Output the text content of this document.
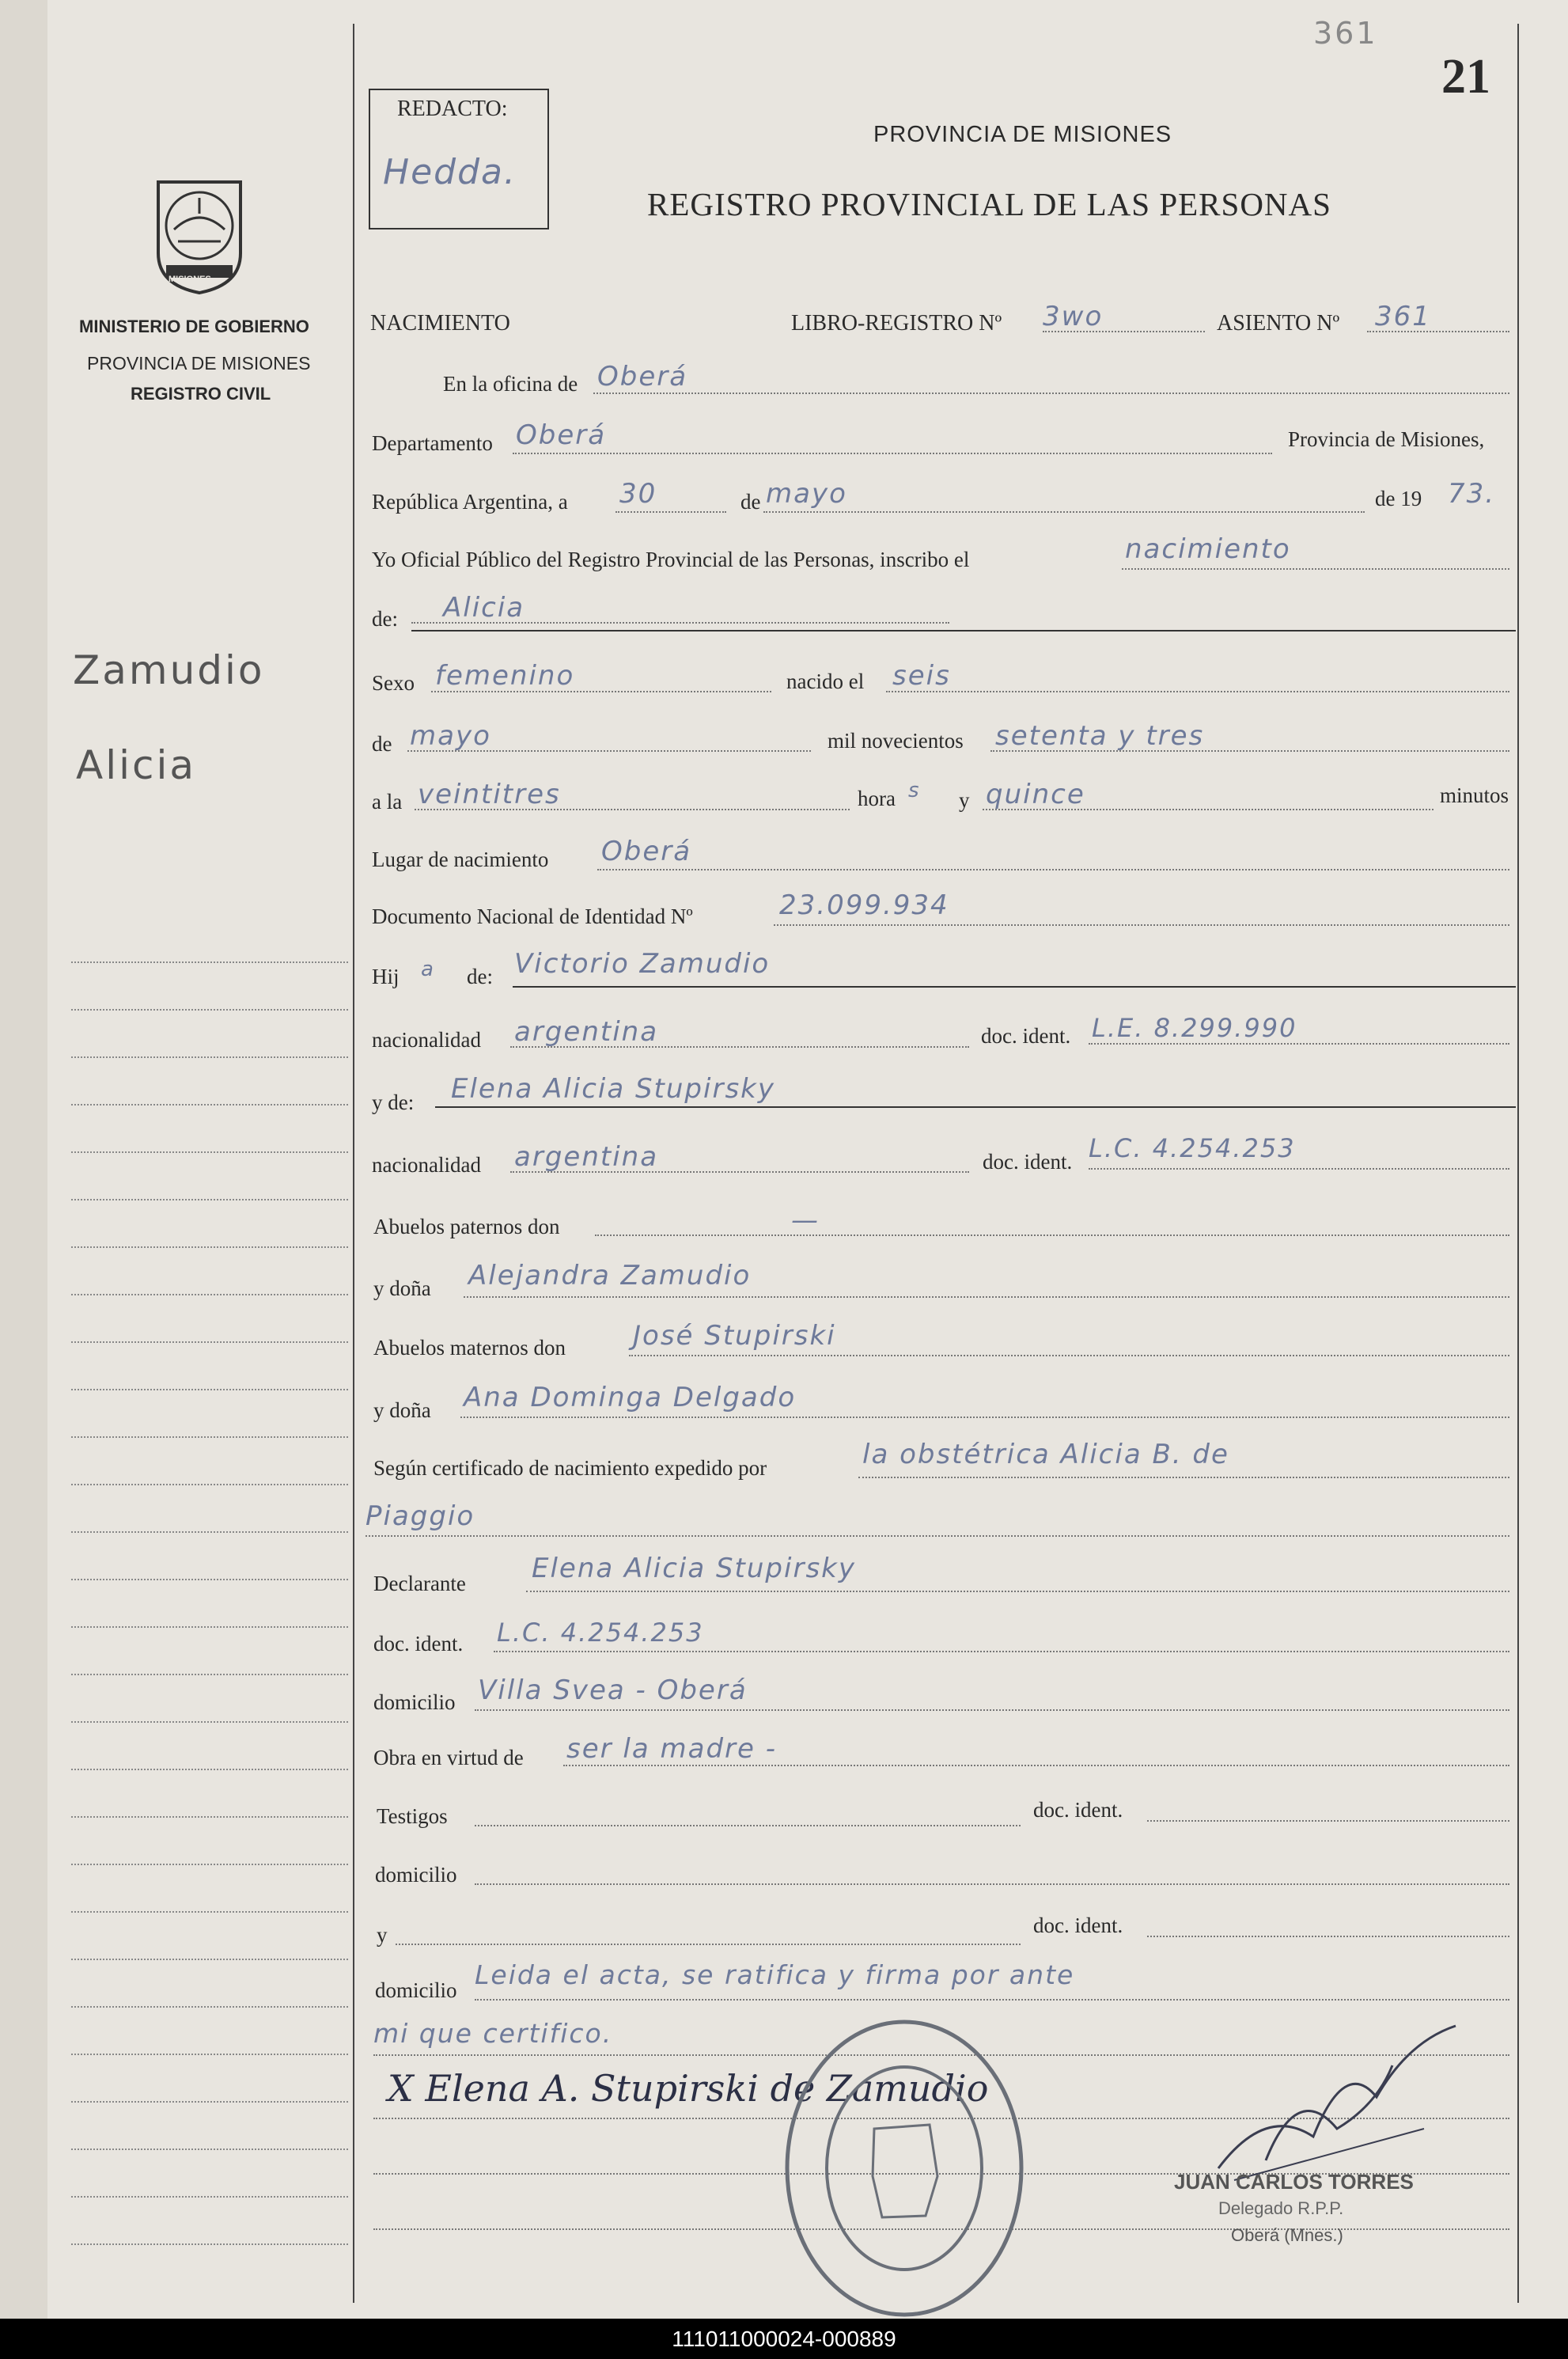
361
21
REDACTO:
Hedda.
PROVINCIA DE MISIONES
REGISTRO PROVINCIAL DE LAS PERSONAS
MISIONES
MINISTERIO DE GOBIERNO
PROVINCIA DE MISIONES
REGISTRO CIVIL
Zamudio
Alicia
NACIMIENTO	LIBRO-REGISTRO Nº 3wo	ASIENTO Nº 361
En la oficina de Oberá
Departamento Oberá	Provincia de Misiones,
República Argentina, a 30	de mayo	de 19 73.
Yo Oficial Público del Registro Provincial de las Personas, inscribo el	nacimiento
de: Alicia
Sexo femenino	nacido el seis
de mayo	mil novecientos setenta y tres
a la veintitres	hora s y quince	minutos
Lugar de nacimiento Oberá
Documento Nacional de Identidad Nº	23.099.934
Hij a de: Victorio Zamudio
nacionalidad argentina	doc. ident. L.E. 8.299.990
y de: Elena Alicia Stupirsky
nacionalidad argentina	doc. ident. L.C. 4.254.253
Abuelos paternos don	—
y doña Alejandra Zamudio
Abuelos maternos don	José Stupirski
y doña Ana Dominga Delgado
Según certificado de nacimiento expedido por	la obstétrica Alicia B. de
Piaggio
Declarante Elena Alicia Stupirsky
doc. ident. L.C. 4.254.253
domicilio Villa Svea - Oberá
Obra en virtud de ser la madre -
Testigos	doc. ident.
domicilio
y	doc. ident.
domicilio Leida el acta, se ratifica y firma por ante
mi que certifico.
X Elena A. Stupirski de Zamudio
JUAN CARLOS TORRES
Delegado R.P.P.
Oberá (Mnes.)
111011000024-000889
